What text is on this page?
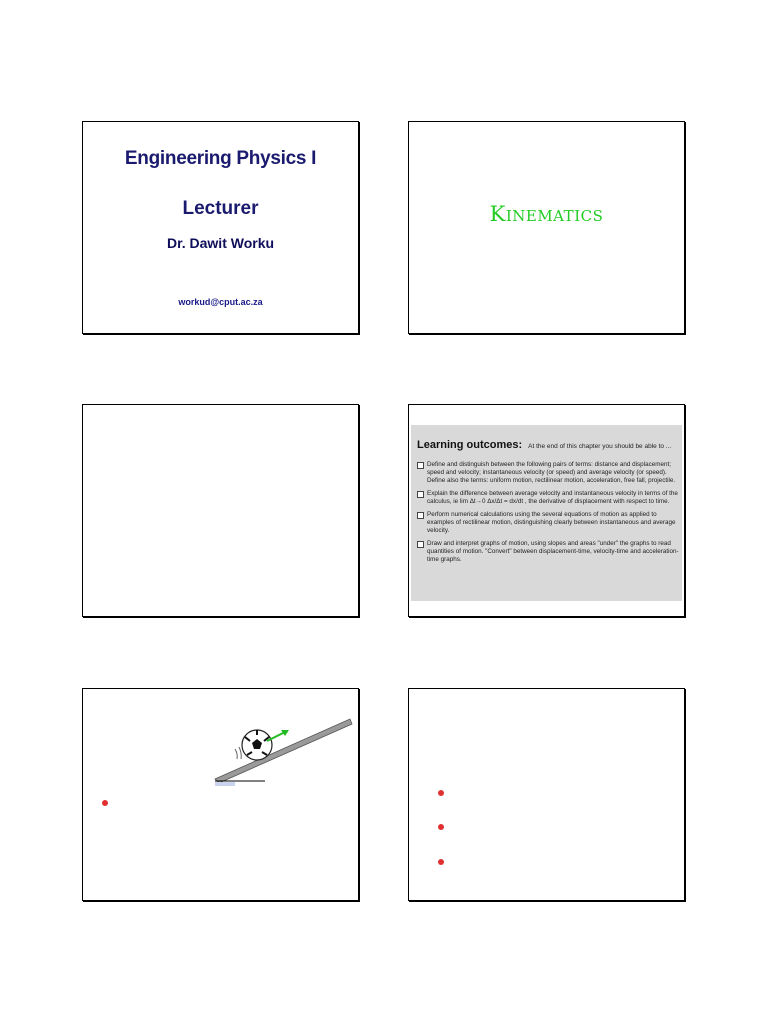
Engineering Physics I
Lecturer
Dr. Dawit Worku
workud@cput.ac.za
Kinematics
Learning outcomes: At the end of this chapter you should be able to ...
Define and distinguish between the following pairs of terms: distance and displacement; speed and velocity; instantaneous velocity (or speed) and average velocity (or speed). Define also the terms: uniform motion, rectilinear motion, acceleration, free fall, projectile.
Explain the difference between average velocity and instantaneous velocity in terms of the calculus, ie lim Δt→0 Δx/Δt = dx/dt , the derivative of displacement with respect to time.
Perform numerical calculations using the several equations of motion as applied to examples of rectilinear motion, distinguishing clearly between instantaneous and average velocity.
Draw and interpret graphs of motion, using slopes and areas "under" the graphs to read quantities of motion. "Convert" between displacement-time, velocity-time and acceleration-time graphs.
